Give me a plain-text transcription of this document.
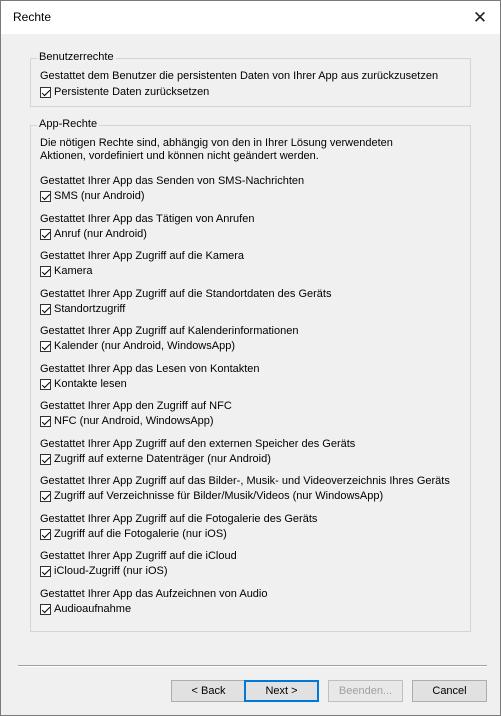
Rechte	✕
Benutzerrechte
Gestattet dem Benutzer die persistenten Daten von Ihrer App aus zurückzusetzen
Persistente Daten zurücksetzen
App-Rechte
Die nötigen Rechte sind, abhängig von den in Ihrer Lösung verwendeten
Aktionen, vordefiniert und können nicht geändert werden.
Gestattet Ihrer App das Senden von SMS-Nachrichten
SMS (nur Android)
Gestattet Ihrer App das Tätigen von Anrufen
Anruf (nur Android)
Gestattet Ihrer App Zugriff auf die Kamera
Kamera
Gestattet Ihrer App Zugriff auf die Standortdaten des Geräts
Standortzugriff
Gestattet Ihrer App Zugriff auf Kalenderinformationen
Kalender (nur Android, WindowsApp)
Gestattet Ihrer App das Lesen von Kontakten
Kontakte lesen
Gestattet Ihrer App den Zugriff auf NFC
NFC (nur Android, WindowsApp)
Gestattet Ihrer App Zugriff auf den externen Speicher des Geräts
Zugriff auf externe Datenträger (nur Android)
Gestattet Ihrer App Zugriff auf das Bilder-, Musik- und Videoverzeichnis Ihres Geräts
Zugriff auf Verzeichnisse für Bilder/Musik/Videos (nur WindowsApp)
Gestattet Ihrer App Zugriff auf die Fotogalerie des Geräts
Zugriff auf die Fotogalerie (nur iOS)
Gestattet Ihrer App Zugriff auf die iCloud
iCloud-Zugriff (nur iOS)
Gestattet Ihrer App das Aufzeichnen von Audio
Audioaufnahme
< Back	Next >	Beenden...	Cancel
